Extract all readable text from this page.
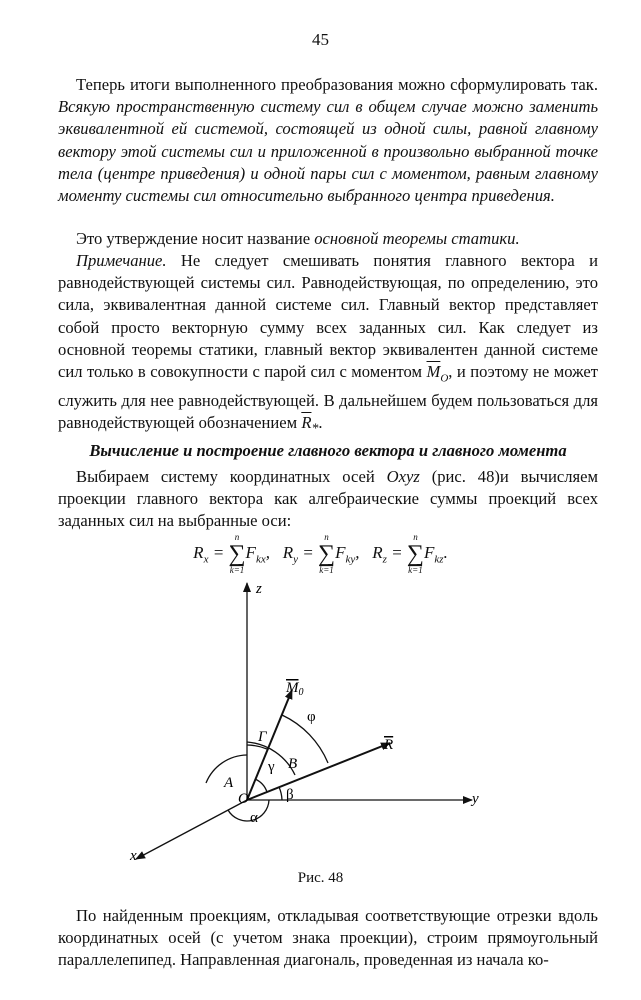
45

Теперь итоги выполненного преобразования можно сформулировать так. Всякую пространственную систему сил в общем случае можно заменить эквивалентной ей системой, состоящей из одной силы, равной главному вектору этой системы сил и приложенной в произвольно выбранной точке тела (центре приведения) и одной пары сил с моментом, равным главному моменту системы сил относительно выбранного центра приведения.

Это утверждение носит название основной теоремы статики.

Примечание. Не следует смешивать понятия главного вектора и равнодействующей системы сил. Равнодействующая, по определению, это сила, эквивалентная данной системе сил. Главный вектор представляет собой просто векторную сумму всех заданных сил. Как следует из основной теоремы статики, главный вектор эквивалентен данной системе сил только в совокупности с парой сил с моментом $\overline{M}_O$, и поэтому не может служить для нее равнодействующей. В дальнейшем будем пользоваться для равнодействующей обозначением $\overline{R}_*$.

Вычисление и построение главного вектора и главного момента

Выбираем систему координатных осей Oxyz (рис. 48)и вычисляем проекции главного вектора как алгебраические суммы проекций всех заданных сил на выбранные оси:

$R_x$ =
n
∑
k=1
$F_{kx}$, $R_y$ =
n
∑
k=1
$F_{ky}$, $R_z$ =
n
∑
k=1
$F_{kz}$.
z
y
x
O
$M_0$
R
φ
Γ
γ
A
B
α
β
Рис. 48

По найденным проекциям, откладывая соответствующие отрезки вдоль координатных осей (с учетом знака проекции), строим прямоугольный параллелепипед. Направленная диагональ, проведенная из начала ко-
